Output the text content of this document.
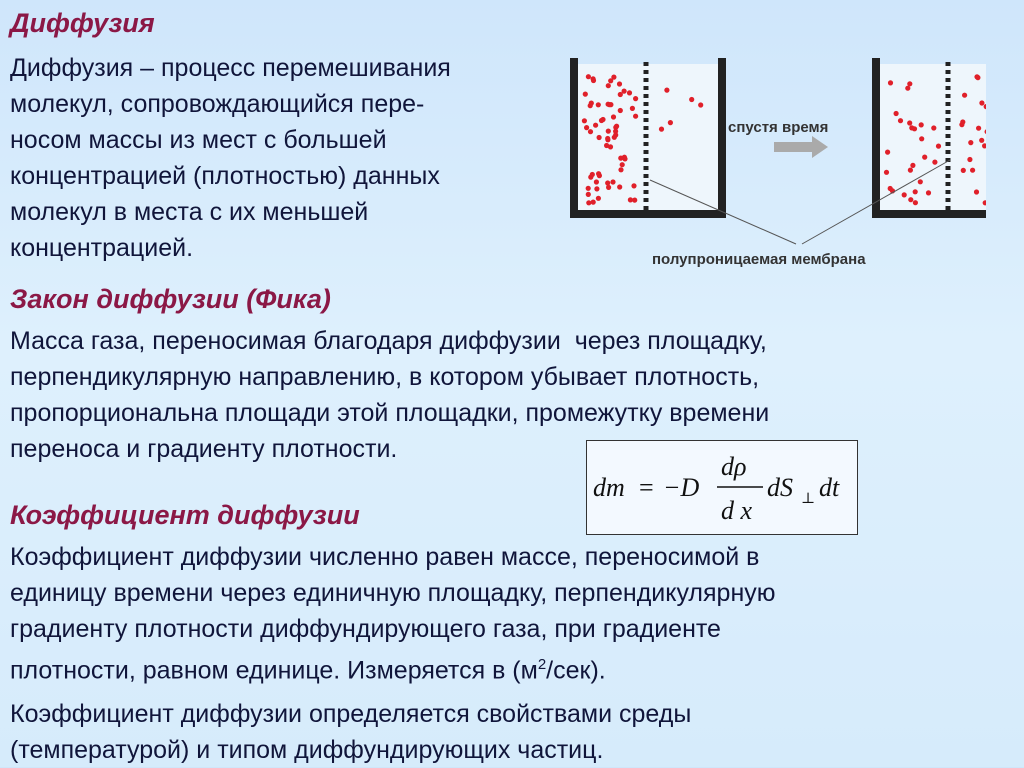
Диффузия
Диффузия – процесс перемешивания
молекул, сопровождающийся пере-
носом массы из мест с большей
концентрацией (плотностью) данных
молекул в места с их меньшей
концентрацией.
спустя время
полупроницаемая мембрана
Закон диффузии (Фика)
Масса газа, переносимая благодаря диффузии  через площадку,
перпендикулярную направлению, в котором убывает плотность,
пропорциональна площади этой площадки, промежутку времени
переноса и градиенту плотности.
dm = −D
dρ
d x
dS ⊥ dt
Коэффициент диффузии
Коэффициент диффузии численно равен массе, переносимой в
единицу времени через единичную площадку, перпендикулярную
градиенту плотности диффундирующего газа, при градиенте
плотности, равном единице. Измеряется в $(м^2/сек)$.
Коэффициент диффузии определяется свойствами среды
(температурой) и типом диффундирующих частиц.
